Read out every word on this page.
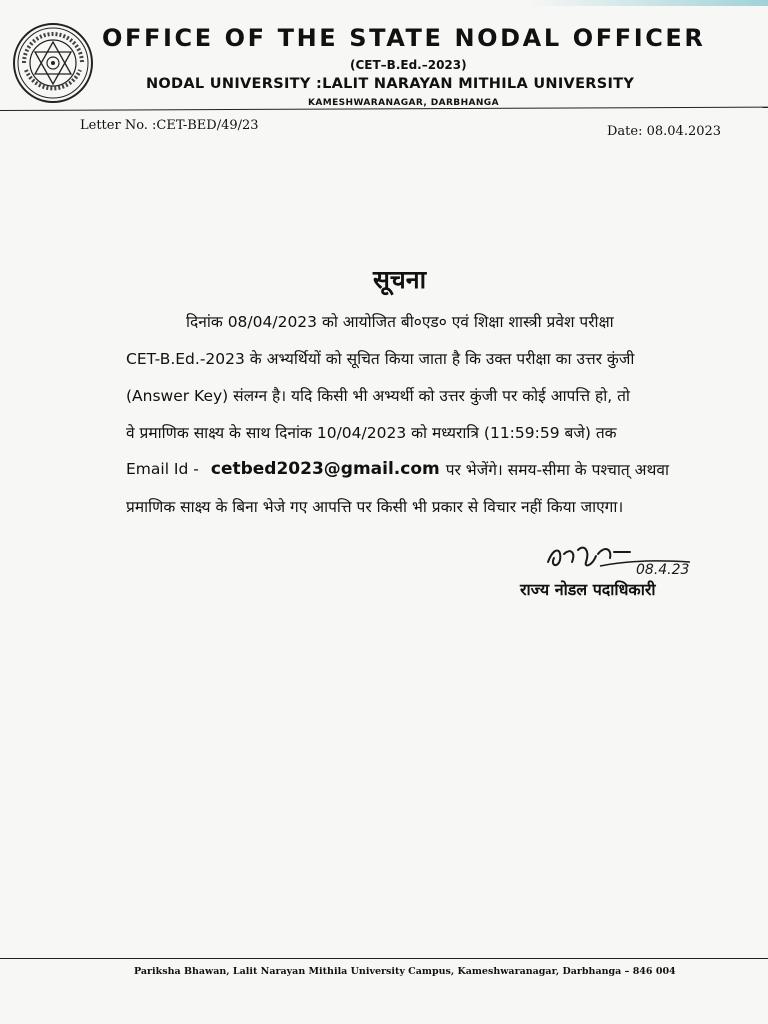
OFFICE OF THE STATE NODAL OFFICER
(CET–B.Ed.–2023)
NODAL UNIVERSITY :LALIT NARAYAN MITHILA UNIVERSITY
KAMESHWARANAGAR, DARBHANGA
Letter No. :CET-BED/49/23	Date: 08.04.2023
सूचना
दिनांक 08/04/2023 को आयोजित बी०एड० एवं शिक्षा शास्त्री प्रवेश परीक्षा
CET-B.Ed.-2023 के अभ्यर्थियों को सूचित किया जाता है कि उक्त परीक्षा का उत्तर कुंजी
(Answer Key) संलग्न है। यदि किसी भी अभ्यर्थी को उत्तर कुंजी पर कोई आपत्ति हो, तो
वे प्रमाणिक साक्ष्य के साथ दिनांक 10/04/2023 को मध्यरात्रि (11:59:59 बजे) तक
Email Id - cetbed2023@gmail.com पर भेजेंगे। समय-सीमा के पश्चात् अथवा
प्रमाणिक साक्ष्य के बिना भेजे गए आपत्ति पर किसी भी प्रकार से विचार नहीं किया जाएगा।
08.4.23
राज्य नोडल पदाधिकारी
Pariksha Bhawan, Lalit Narayan Mithila University Campus, Kameshwaranagar, Darbhanga – 846 004
